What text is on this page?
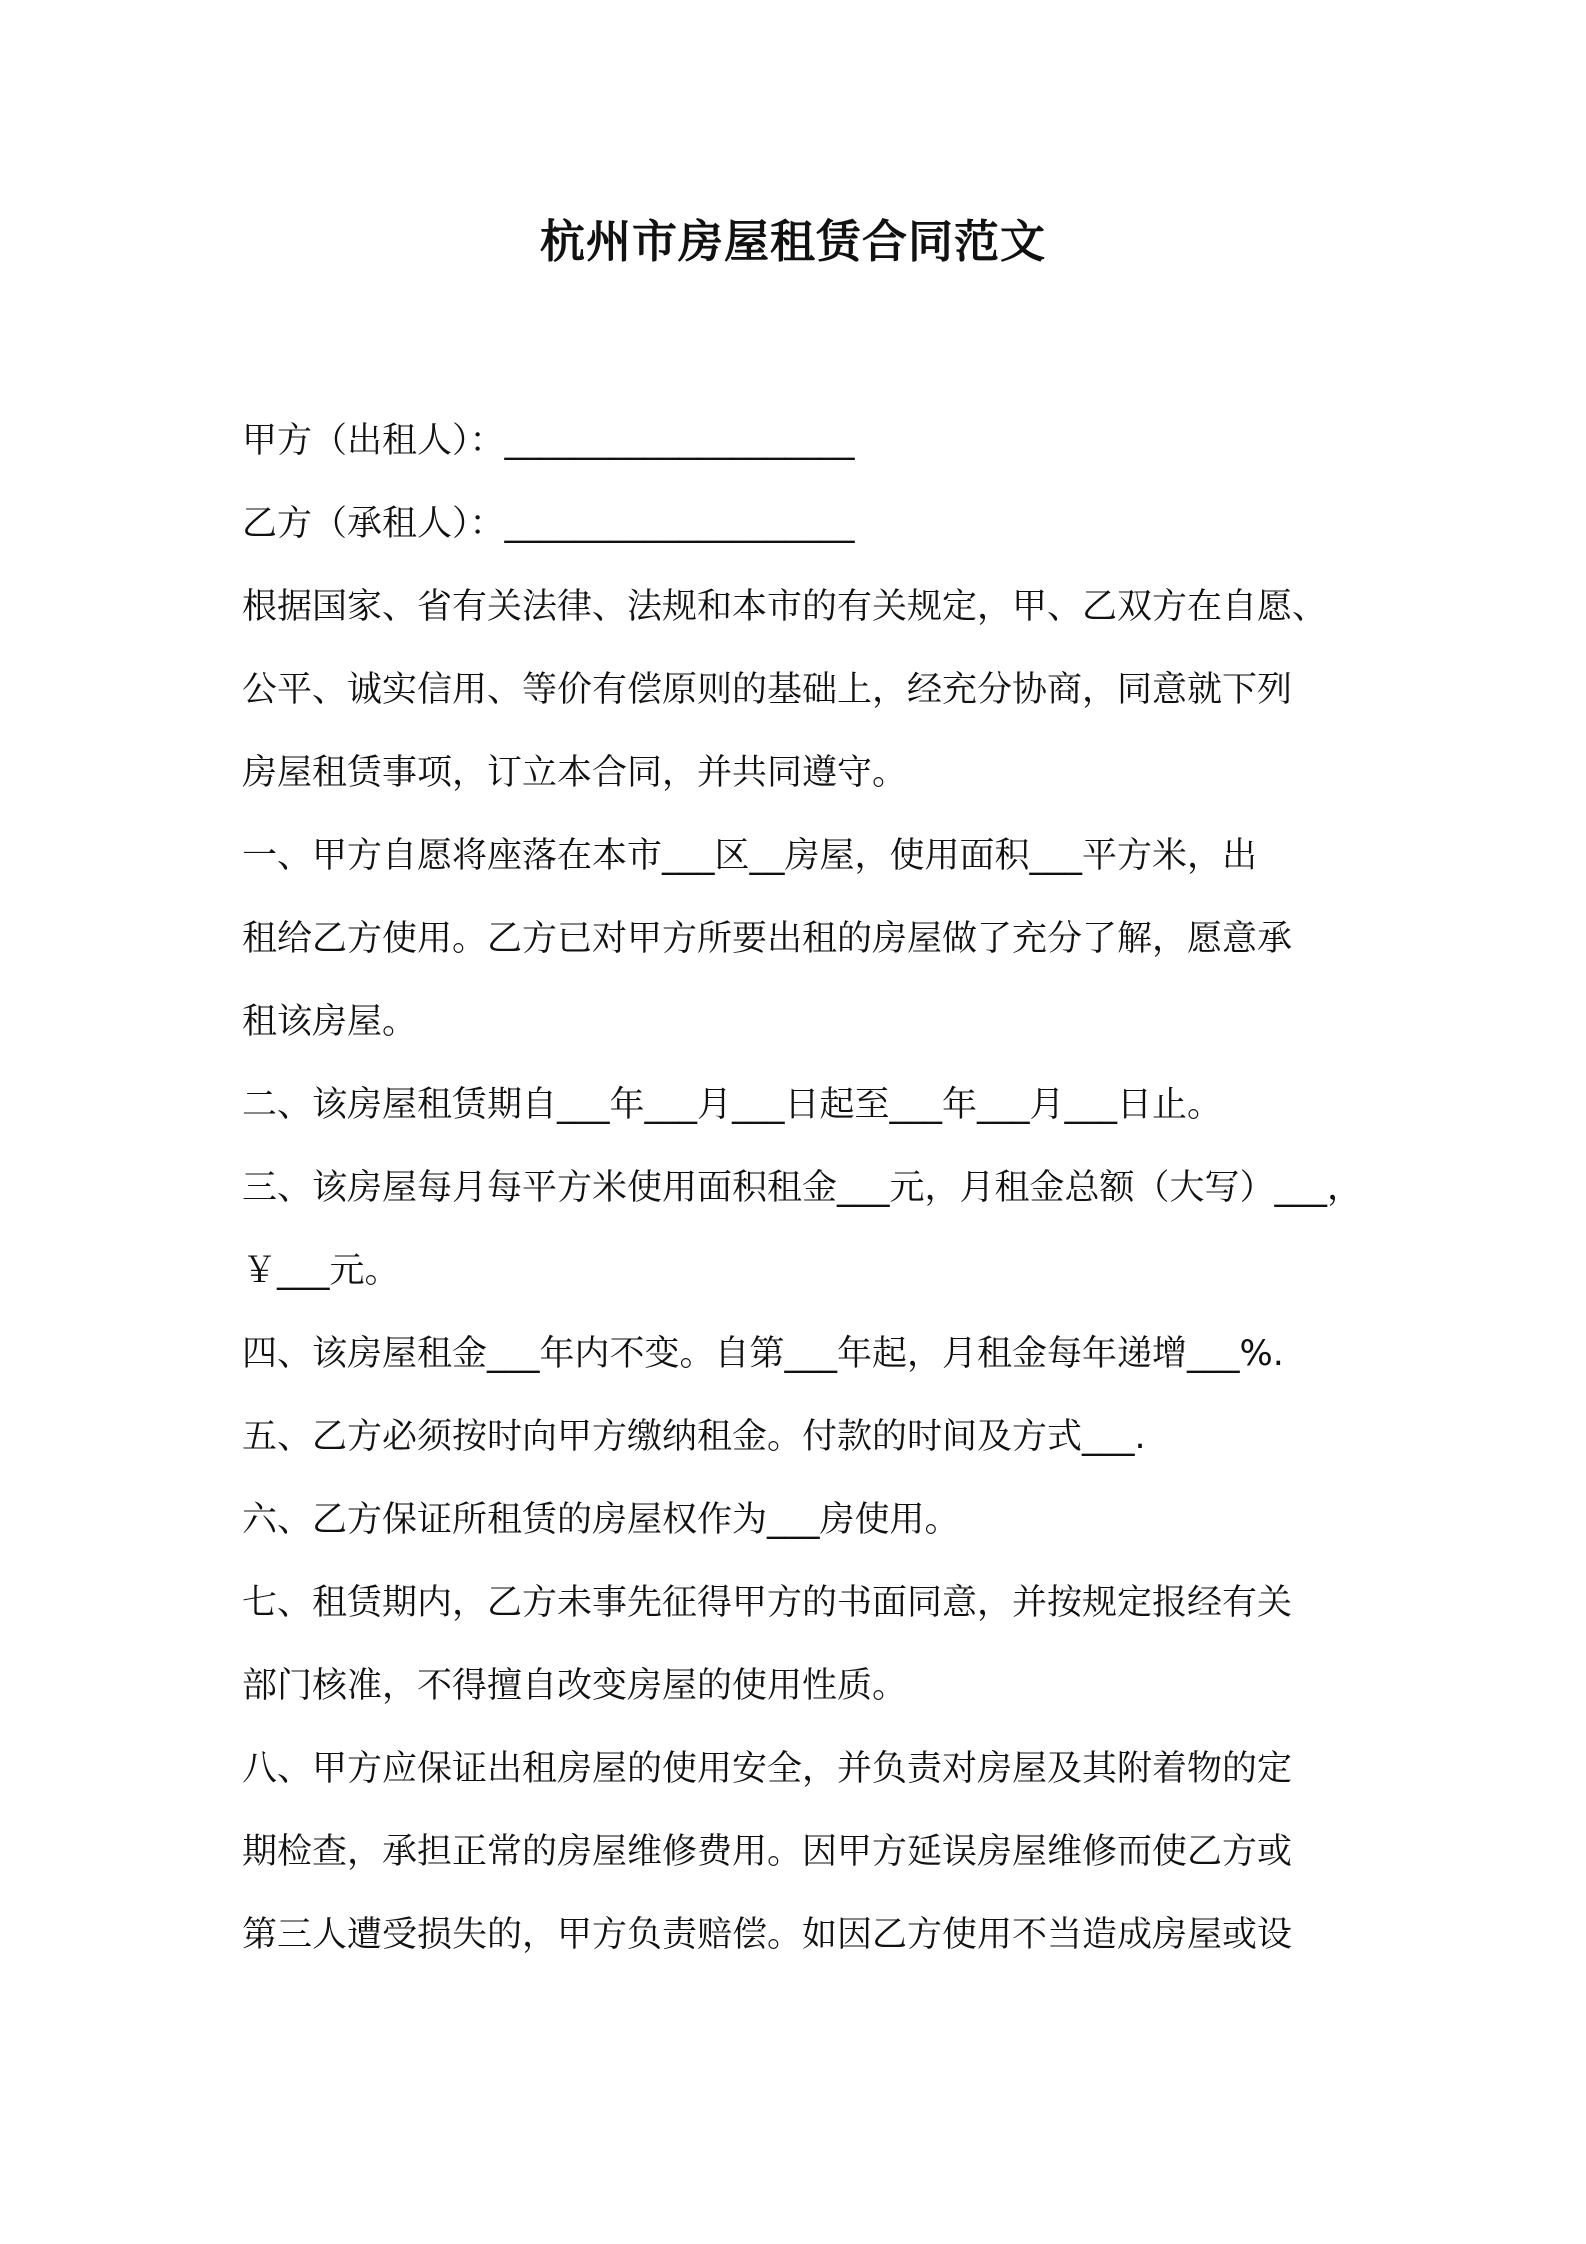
杭州市房屋租赁合同范文
甲方（出租人）：____________________
乙方（承租人）：____________________
根据国家、省有关法律、法规和本市的有关规定，甲、乙双方在自愿、
公平、诚实信用、等价有偿原则的基础上，经充分协商，同意就下列
房屋租赁事项，订立本合同，并共同遵守。
一、甲方自愿将座落在本市___区__房屋，使用面积___平方米，出
租给乙方使用。乙方已对甲方所要出租的房屋做了充分了解，愿意承
租该房屋。
二、该房屋租赁期自___年___月___日起至___年___月___日止。
三、该房屋每月每平方米使用面积租金___元，月租金总额（大写）___，
￥___元。
四、该房屋租金___年内不变。自第___年起，月租金每年递增___%.
五、乙方必须按时向甲方缴纳租金。付款的时间及方式___.
六、乙方保证所租赁的房屋权作为___房使用。
七、租赁期内，乙方未事先征得甲方的书面同意，并按规定报经有关
部门核准，不得擅自改变房屋的使用性质。
八、甲方应保证出租房屋的使用安全，并负责对房屋及其附着物的定
期检查，承担正常的房屋维修费用。因甲方延误房屋维修而使乙方或
第三人遭受损失的，甲方负责赔偿。如因乙方使用不当造成房屋或设
